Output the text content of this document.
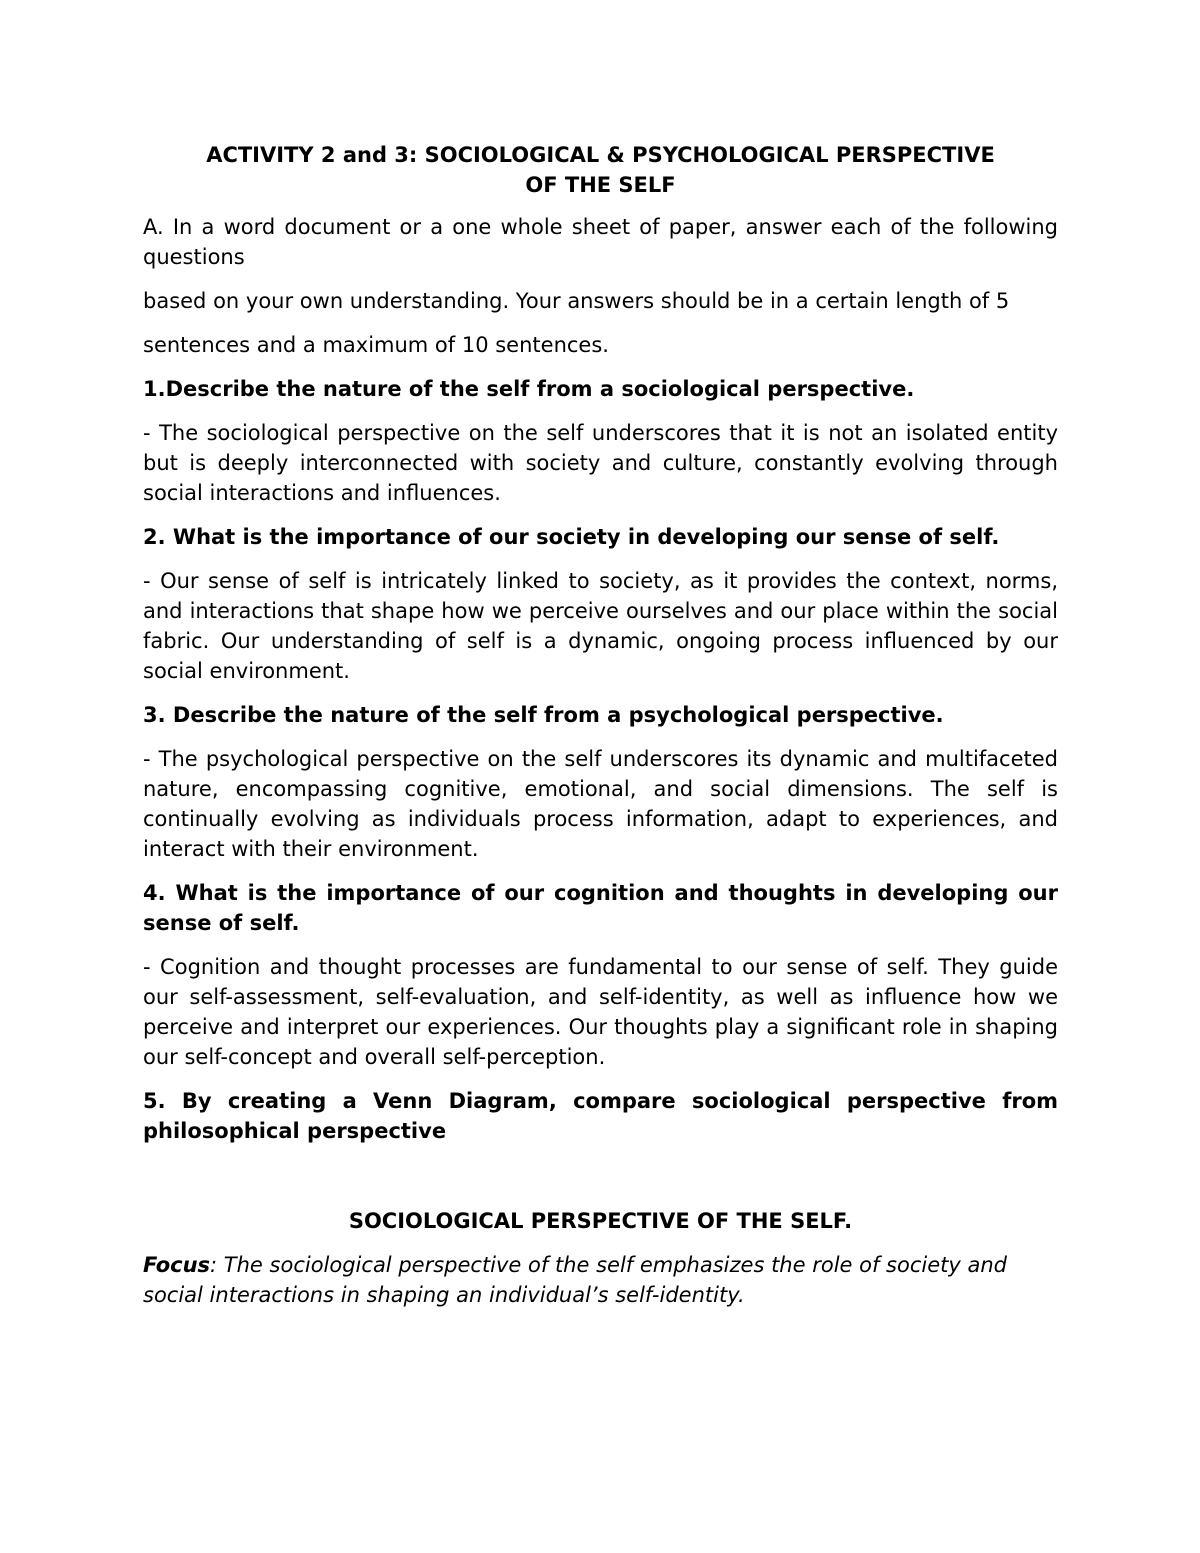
ACTIVITY 2 and 3: SOCIOLOGICAL & PSYCHOLOGICAL PERSPECTIVE
OF THE SELF

A. In a word document or a one whole sheet of paper, answer each of the following questions

based on your own understanding. Your answers should be in a certain length of 5

sentences and a maximum of 10 sentences.

1.Describe the nature of the self from a sociological perspective.

- The sociological perspective on the self underscores that it is not an isolated entity but is deeply interconnected with society and culture, constantly evolving through social interactions and influences.

2. What is the importance of our society in developing our sense of self.

- Our sense of self is intricately linked to society, as it provides the context, norms, and interactions that shape how we perceive ourselves and our place within the social fabric. Our understanding of self is a dynamic, ongoing process influenced by our social environment.

3. Describe the nature of the self from a psychological perspective.

- The psychological perspective on the self underscores its dynamic and multifaceted nature, encompassing cognitive, emotional, and social dimensions. The self is continually evolving as individuals process information, adapt to experiences, and interact with their environment.

4. What is the importance of our cognition and thoughts in developing our sense of self.

- Cognition and thought processes are fundamental to our sense of self. They guide our self-assessment, self-evaluation, and self-identity, as well as influence how we perceive and interpret our experiences. Our thoughts play a significant role in shaping our self-concept and overall self-perception.

5. By creating a Venn Diagram, compare sociological perspective from philosophical perspective

SOCIOLOGICAL PERSPECTIVE OF THE SELF.

Focus: The sociological perspective of the self emphasizes the role of society and social interactions in shaping an individual’s self-identity.
